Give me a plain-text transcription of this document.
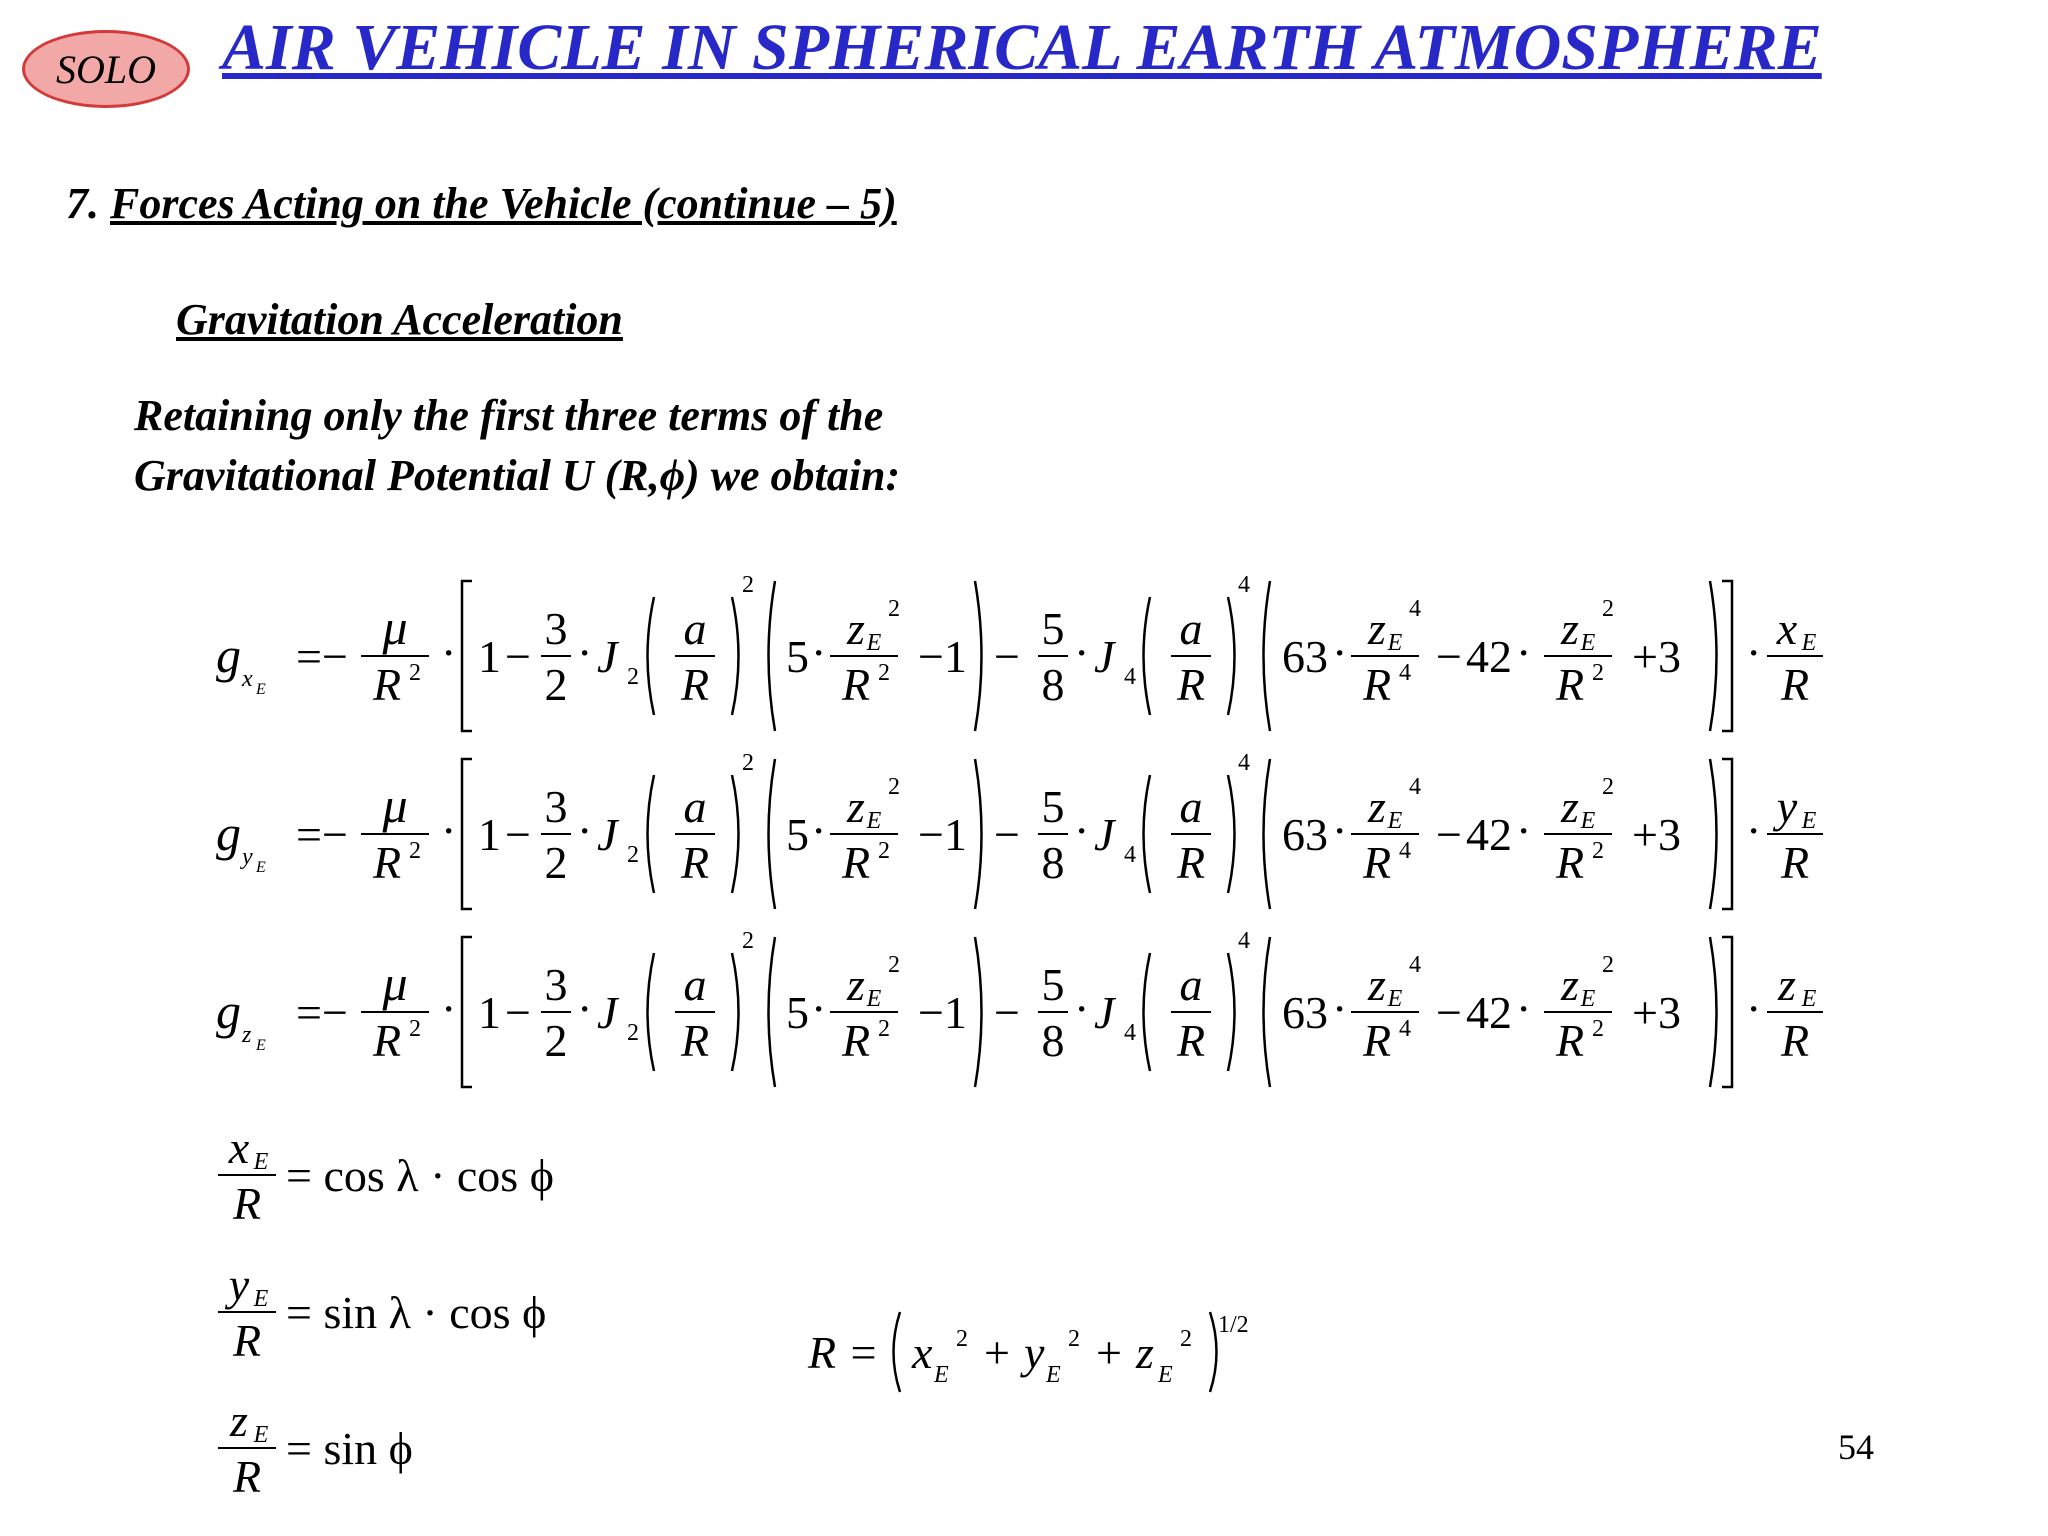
SOLO AIR VEHICLE IN SPHERICAL EARTH ATMOSPHERE
7. Forces Acting on the Vehicle (continue – 5)
Gravitation Acceleration
Retaining only the first three terms of the
Gravitational Potential U (R,ϕ) we obtain:
g x E
=−
μ
R 2 · 1 −
3
2
· J 2
a
R
2
5 · z E
2
R 2 −1 −
5
8
· J 4
a
R
4
63 · z E
4
R 4 − 42 · z E
2
R 2 +3 · x E
R
g y E
=−
μ
R 2 · 1 −
3
2
· J 2
a
R
2
5 · z E
2
R 2 −1 −
5
8
· J 4
a
R
4
63 · z E
4
R 4 − 42 · z E
2
R 2 +3 · y E
R
g z E
=−
μ
R 2 · 1 −
3
2
· J 2
a
R
2
5 · z E
2
R 2 −1 −
5
8
· J 4
a
R
4
63 · z E
4
R 4 − 42 · z E
2
R 2 +3 · z E
R
x E
R
= cos λ · cos ϕ
y E
R
= sin λ · cos ϕ
z E
R
= sin ϕ
R = x E
2 + y E
2 + z E
2
1/2
54
